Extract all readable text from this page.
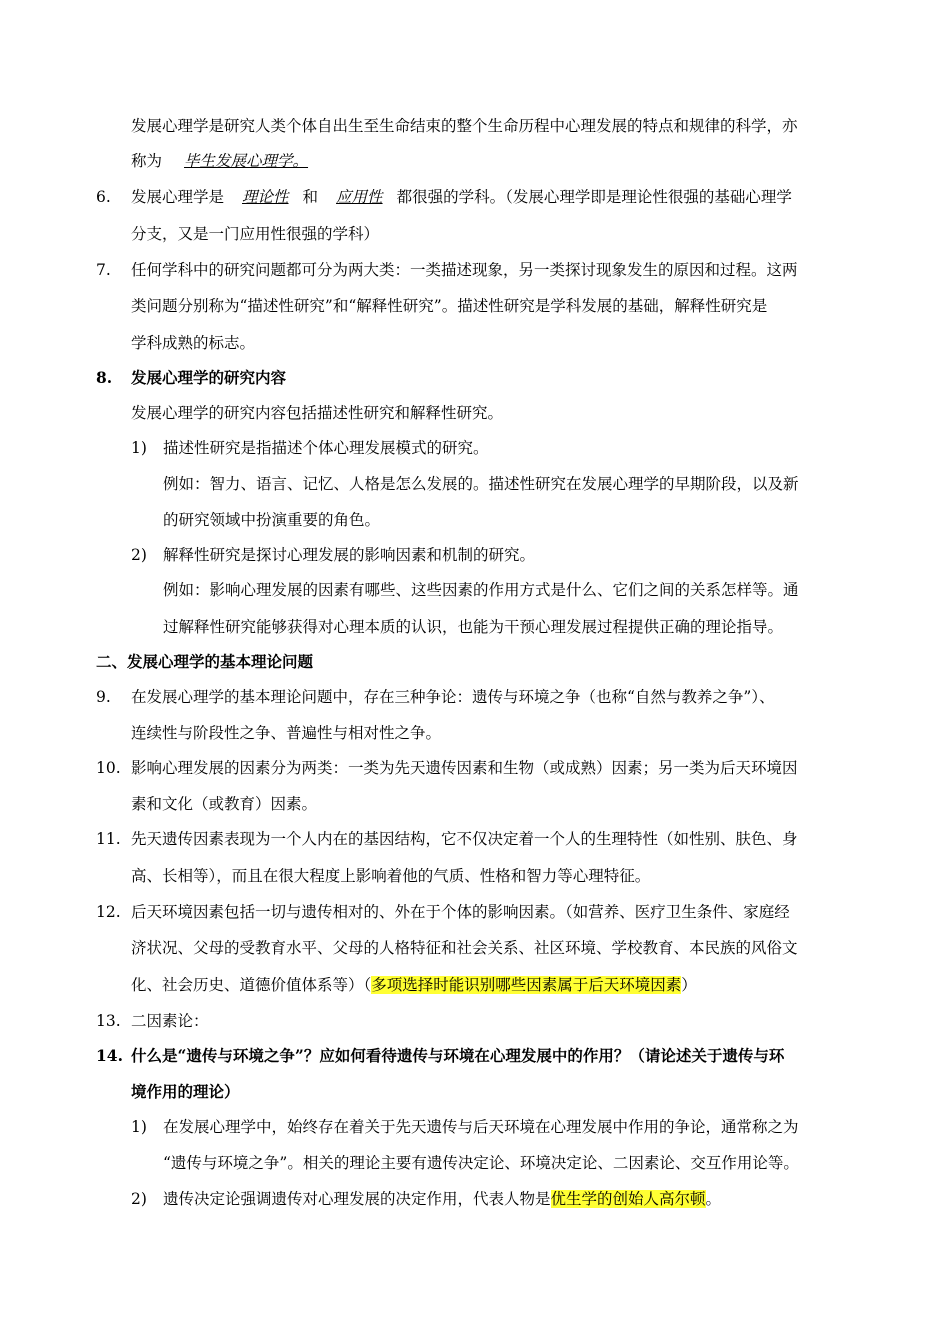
发展心理学是研究人类个体自出生至生命结束的整个生命历程中心理发展的特点和规律的科学，亦
称为 毕生发展心理学。
6. 发展心理学是 理论性 和 应用性 都很强的学科。（发展心理学即是理论性很强的基础心理学
分支，又是一门应用性很强的学科）
7. 任何学科中的研究问题都可分为两大类：一类描述现象，另一类探讨现象发生的原因和过程。这两
类问题分别称为“描述性研究”和“解释性研究”。描述性研究是学科发展的基础，解释性研究是
学科成熟的标志。
8. 发展心理学的研究内容
发展心理学的研究内容包括描述性研究和解释性研究。
1) 描述性研究是指描述个体心理发展模式的研究。
例如：智力、语言、记忆、人格是怎么发展的。描述性研究在发展心理学的早期阶段，以及新
的研究领域中扮演重要的角色。
2) 解释性研究是探讨心理发展的影响因素和机制的研究。
例如：影响心理发展的因素有哪些、这些因素的作用方式是什么、它们之间的关系怎样等。通
过解释性研究能够获得对心理本质的认识，也能为干预心理发展过程提供正确的理论指导。
二、发展心理学的基本理论问题
9. 在发展心理学的基本理论问题中，存在三种争论：遗传与环境之争（也称“自然与教养之争”）、
连续性与阶段性之争、普遍性与相对性之争。
10. 影响心理发展的因素分为两类：一类为先天遗传因素和生物（或成熟）因素；另一类为后天环境因
素和文化（或教育）因素。
11. 先天遗传因素表现为一个人内在的基因结构，它不仅决定着一个人的生理特性（如性别、肤色、身
高、长相等），而且在很大程度上影响着他的气质、性格和智力等心理特征。
12. 后天环境因素包括一切与遗传相对的、外在于个体的影响因素。（如营养、医疗卫生条件、家庭经
济状况、父母的受教育水平、父母的人格特征和社会关系、社区环境、学校教育、本民族的风俗文
化、社会历史、道德价值体系等）（多项选择时能识别哪些因素属于后天环境因素）
13. 二因素论：
14. 什么是“遗传与环境之争”？应如何看待遗传与环境在心理发展中的作用？（请论述关于遗传与环
境作用的理论）
1) 在发展心理学中，始终存在着关于先天遗传与后天环境在心理发展中作用的争论，通常称之为
“遗传与环境之争”。相关的理论主要有遗传决定论、环境决定论、二因素论、交互作用论等。
2) 遗传决定论强调遗传对心理发展的决定作用，代表人物是优生学的创始人高尔顿。
